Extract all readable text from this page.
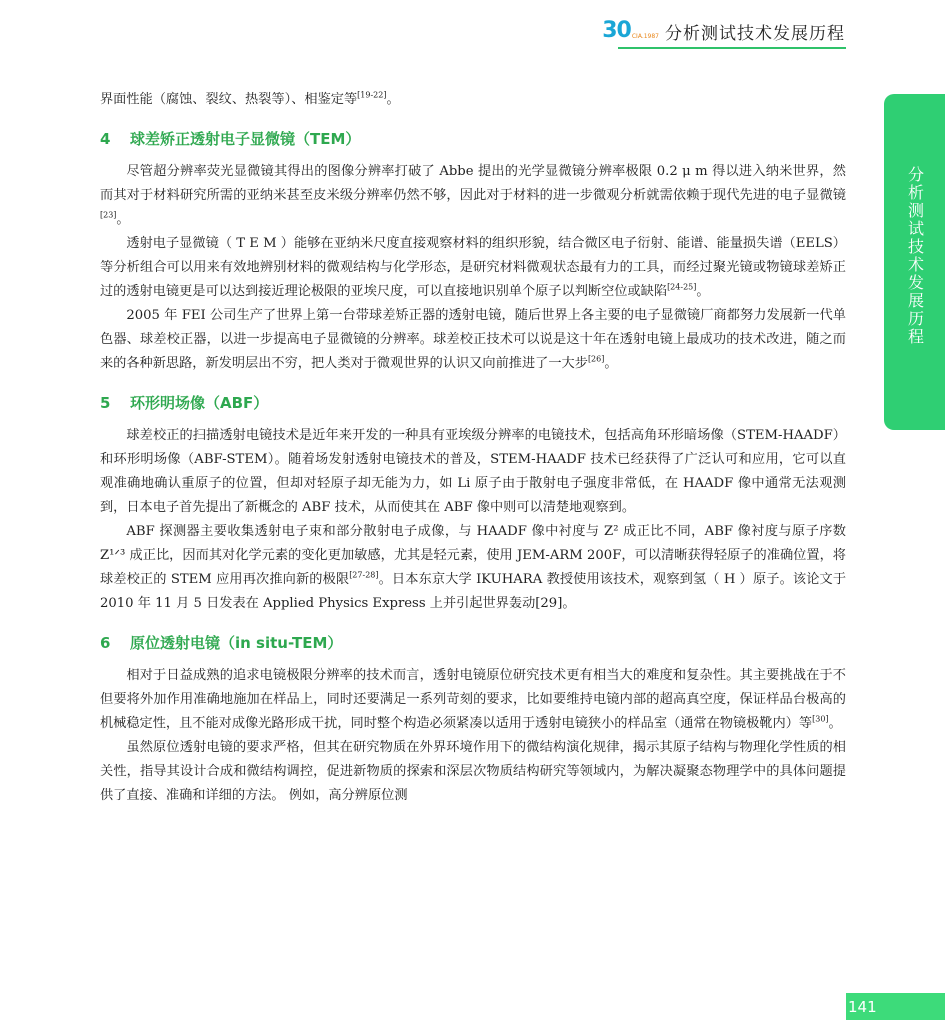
30 CIA.1987 分析测试技术发展历程
分析测试技术发展历程

界面性能（腐蚀、裂纹、热裂等）、相鉴定等[19-22]。

4 球差矫正透射电子显微镜（TEM）

尽管超分辨率荧光显微镜其得出的图像分辨率打破了 Abbe 提出的光学显微镜分辨率极限 0.2 μ m 得以进入纳米世界，然而其对于材料研究所需的亚纳米甚至皮米级分辨率仍然不够，因此对于材料的进一步微观分析就需依赖于现代先进的电子显微镜[23]。

透射电子显微镜（ T E M ）能够在亚纳米尺度直接观察材料的组织形貌，结合微区电子衍射、能谱、能量损失谱（EELS）等分析组合可以用来有效地辨别材料的微观结构与化学形态，是研究材料微观状态最有力的工具，而经过聚光镜或物镜球差矫正过的透射电镜更是可以达到接近理论极限的亚埃尺度，可以直接地识别单个原子以判断空位或缺陷[24-25]。

2005 年 FEI 公司生产了世界上第一台带球差矫正器的透射电镜，随后世界上各主要的电子显微镜厂商都努力发展新一代单色器、球差校正器，以进一步提高电子显微镜的分辨率。球差校正技术可以说是这十年在透射电镜上最成功的技术改进，随之而来的各种新思路，新发明层出不穷，把人类对于微观世界的认识又向前推进了一大步[26]。

5 环形明场像（ABF）

球差校正的扫描透射电镜技术是近年来开发的一种具有亚埃级分辨率的电镜技术，包括高角环形暗场像（STEM-HAADF）和环形明场像（ABF-STEM）。随着场发射透射电镜技术的普及，STEM-HAADF 技术已经获得了广泛认可和应用，它可以直观准确地确认重原子的位置，但却对轻原子却无能为力，如 Li 原子由于散射电子强度非常低，在 HAADF 像中通常无法观测到，日本电子首先提出了新概念的 ABF 技术，从而使其在 ABF 像中则可以清楚地观察到。

ABF 探测器主要收集透射电子束和部分散射电子成像，与 HAADF 像中衬度与 Z² 成正比不同，ABF 像衬度与原子序数 Z¹ᐟ³ 成正比，因而其对化学元素的变化更加敏感，尤其是轻元素，使用 JEM-ARM 200F，可以清晰获得轻原子的准确位置，将球差校正的 STEM 应用再次推向新的极限[27-28]。日本东京大学 IKUHARA 教授使用该技术，观察到氢（ H ）原子。该论文于 2010 年 11 月 5 日发表在 Applied Physics Express 上并引起世界轰动[29]。

6 原位透射电镜（in situ-TEM）

相对于日益成熟的追求电镜极限分辨率的技术而言，透射电镜原位研究技术更有相当大的难度和复杂性。其主要挑战在于不但要将外加作用准确地施加在样品上，同时还要满足一系列苛刻的要求，比如要维持电镜内部的超高真空度，保证样品台极高的机械稳定性，且不能对成像光路形成干扰，同时整个构造必须紧凑以适用于透射电镜狭小的样品室（通常在物镜极靴内）等[30]。

虽然原位透射电镜的要求严格，但其在研究物质在外界环境作用下的微结构演化规律，揭示其原子结构与物理化学性质的相关性，指导其设计合成和微结构调控，促进新物质的探索和深层次物质结构研究等领域内，为解决凝聚态物理学中的具体问题提供了直接、准确和详细的方法。 例如，高分辨原位测

141
